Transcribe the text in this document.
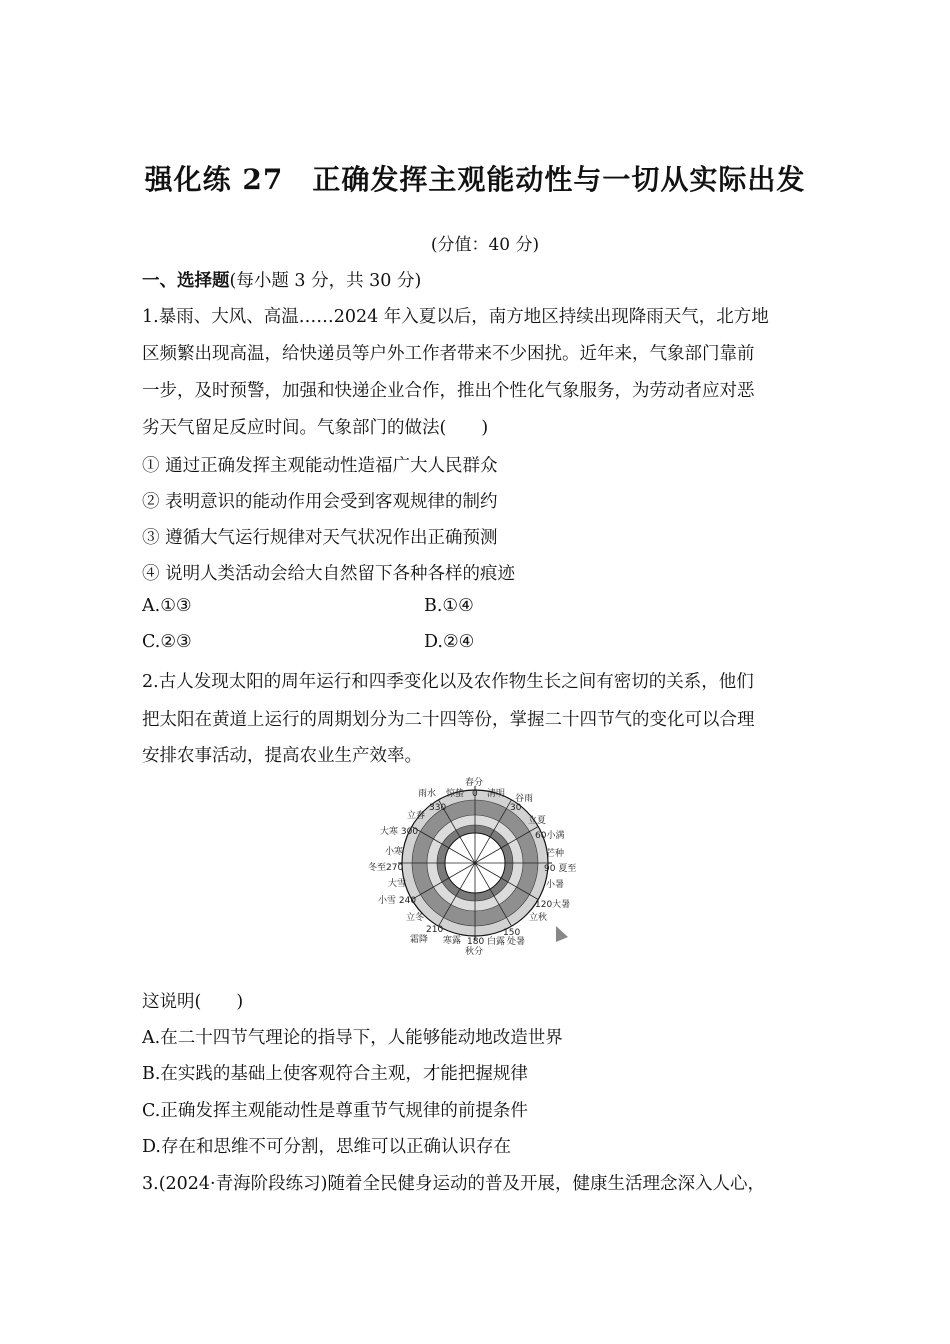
强化练 27　正确发挥主观能动性与一切从实际出发
(分值：40 分)
一、选择题(每小题 3 分，共 30 分)
1.暴雨、大风、高温……2024 年入夏以后，南方地区持续出现降雨天气，北方地
区频繁出现高温，给快递员等户外工作者带来不少困扰。近年来，气象部门靠前
一步，及时预警，加强和快递企业合作，推出个性化气象服务，为劳动者应对恶
劣天气留足反应时间。气象部门的做法(　　)
① 通过正确发挥主观能动性造福广大人民群众
② 表明意识的能动作用会受到客观规律的制约
③ 遵循大气运行规律对天气状况作出正确预测
④ 说明人类活动会给大自然留下各种各样的痕迹
A.①③	B.①④
C.②③	D.②④
2.古人发现太阳的周年运行和四季变化以及农作物生长之间有密切的关系，他们
把太阳在黄道上运行的周期划分为二十四等份，掌握二十四节气的变化可以合理
安排农事活动，提高农业生产效率。
春分
0 清明 谷雨
30
立夏
60小满
芒种
90 夏至
小暑
120大暑
立秋
150
处暑
180 白露
秋分
寒露
霜降
210
立冬
小雪 240
大雪
冬至270
小寒
大寒 300
立春
330
雨水 惊蛰
这说明(　　)
A.在二十四节气理论的指导下，人能够能动地改造世界
B.在实践的基础上使客观符合主观，才能把握规律
C.正确发挥主观能动性是尊重节气规律的前提条件
D.存在和思维不可分割，思维可以正确认识存在
3.(2024·青海阶段练习)随着全民健身运动的普及开展，健康生活理念深入人心，
